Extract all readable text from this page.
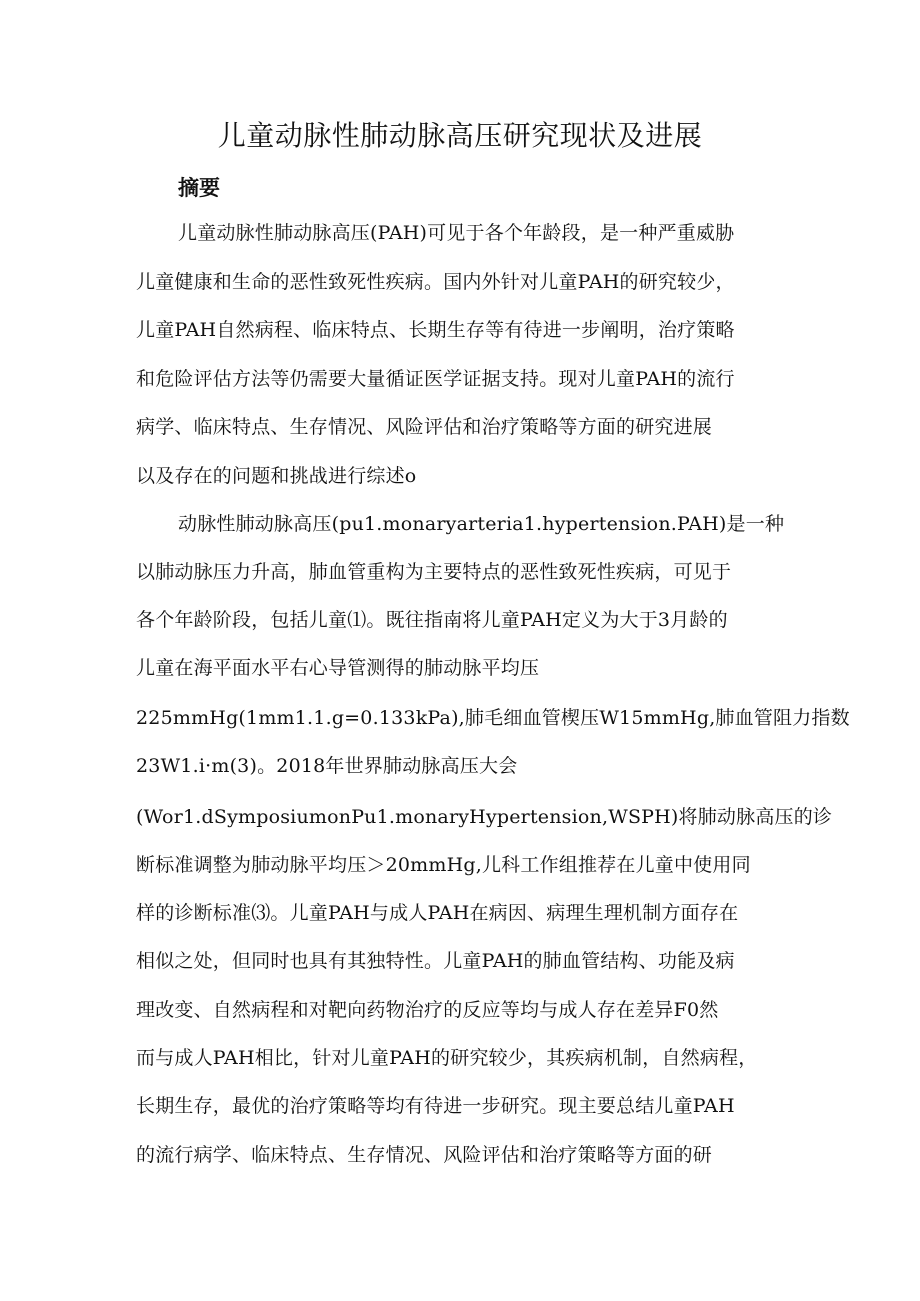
儿童动脉性肺动脉高压研究现状及进展
摘要
儿童动脉性肺动脉高压(PAH)可见于各个年龄段，是一种严重威胁
儿童健康和生命的恶性致死性疾病。国内外针对儿童PAH的研究较少，
儿童PAH自然病程、临床特点、长期生存等有待进一步阐明，治疗策略
和危险评估方法等仍需要大量循证医学证据支持。现对儿童PAH的流行
病学、临床特点、生存情况、风险评估和治疗策略等方面的研究进展
以及存在的问题和挑战进行综述o
动脉性肺动脉高压(pu1.monaryarteria1.hypertension.PAH)是一种
以肺动脉压力升高，肺血管重构为主要特点的恶性致死性疾病，可见于
各个年龄阶段，包括儿童⑴。既往指南将儿童PAH定义为大于3月龄的
儿童在海平面水平右心导管测得的肺动脉平均压
225mmHg(1mm1.1.g=0.133kPa),肺毛细血管楔压W15mmHg,肺血管阻力指数
23W1.i·m(3)。2018年世界肺动脉高压大会
(Wor1.dSymposiumonPu1.monaryHypertension,WSPH)将肺动脉高压的诊
断标准调整为肺动脉平均压＞20mmHg,儿科工作组推荐在儿童中使用同
样的诊断标准⑶。儿童PAH与成人PAH在病因、病理生理机制方面存在
相似之处，但同时也具有其独特性。儿童PAH的肺血管结构、功能及病
理改变、自然病程和对靶向药物治疗的反应等均与成人存在差异F0然
而与成人PAH相比，针对儿童PAH的研究较少，其疾病机制，自然病程，
长期生存，最优的治疗策略等均有待进一步研究。现主要总结儿童PAH
的流行病学、临床特点、生存情况、风险评估和治疗策略等方面的研
